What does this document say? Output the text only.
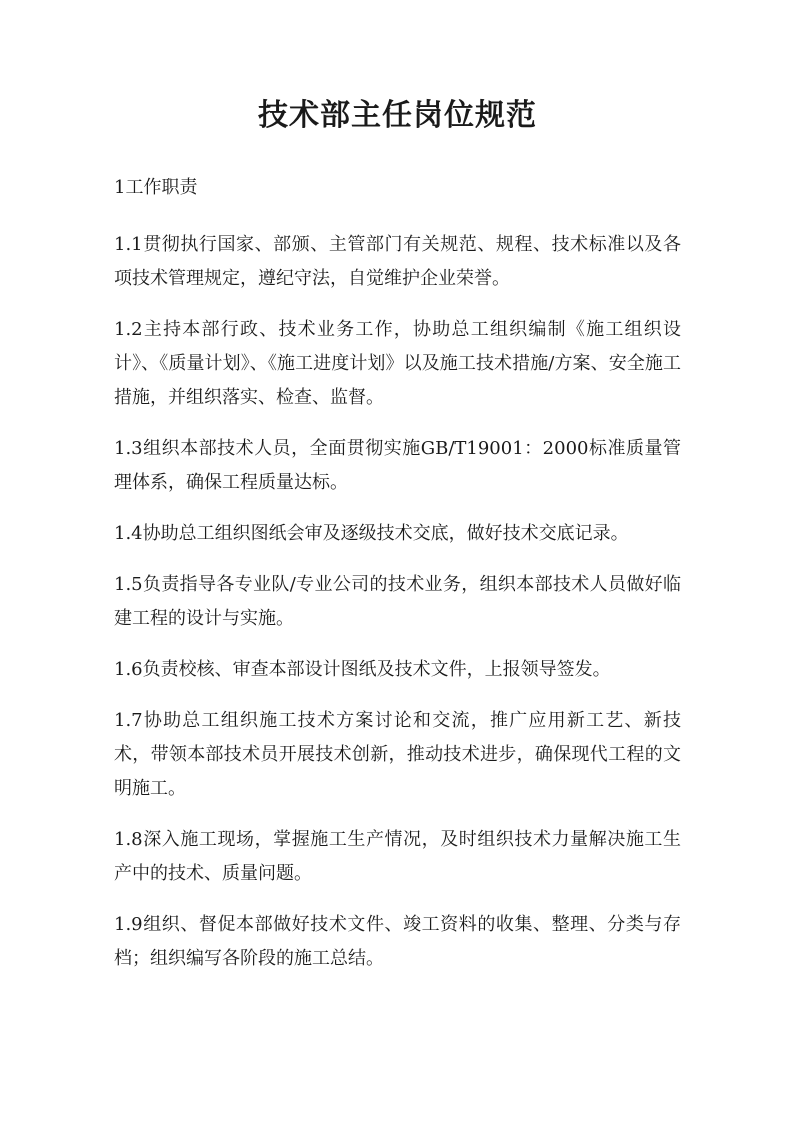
技术部主任岗位规范

1工作职责

1.1贯彻执行国家、部颁、主管部门有关规范、规程、技术标准以及各项技术管理规定，遵纪守法，自觉维护企业荣誉。

1.2主持本部行政、技术业务工作，协助总工组织编制《施工组织设计》、《质量计划》、《施工进度计划》以及施工技术措施/方案、安全施工措施，并组织落实、检查、监督。

1.3组织本部技术人员，全面贯彻实施GB/T19001：2000标准质量管理体系，确保工程质量达标。

1.4协助总工组织图纸会审及逐级技术交底，做好技术交底记录。

1.5负责指导各专业队/专业公司的技术业务，组织本部技术人员做好临建工程的设计与实施。

1.6负责校核、审查本部设计图纸及技术文件，上报领导签发。

1.7协助总工组织施工技术方案讨论和交流，推广应用新工艺、新技术，带领本部技术员开展技术创新，推动技术进步，确保现代工程的文明施工。

1.8深入施工现场，掌握施工生产情况，及时组织技术力量解决施工生产中的技术、质量问题。

1.9组织、督促本部做好技术文件、竣工资料的收集、整理、分类与存档；组织编写各阶段的施工总结。
